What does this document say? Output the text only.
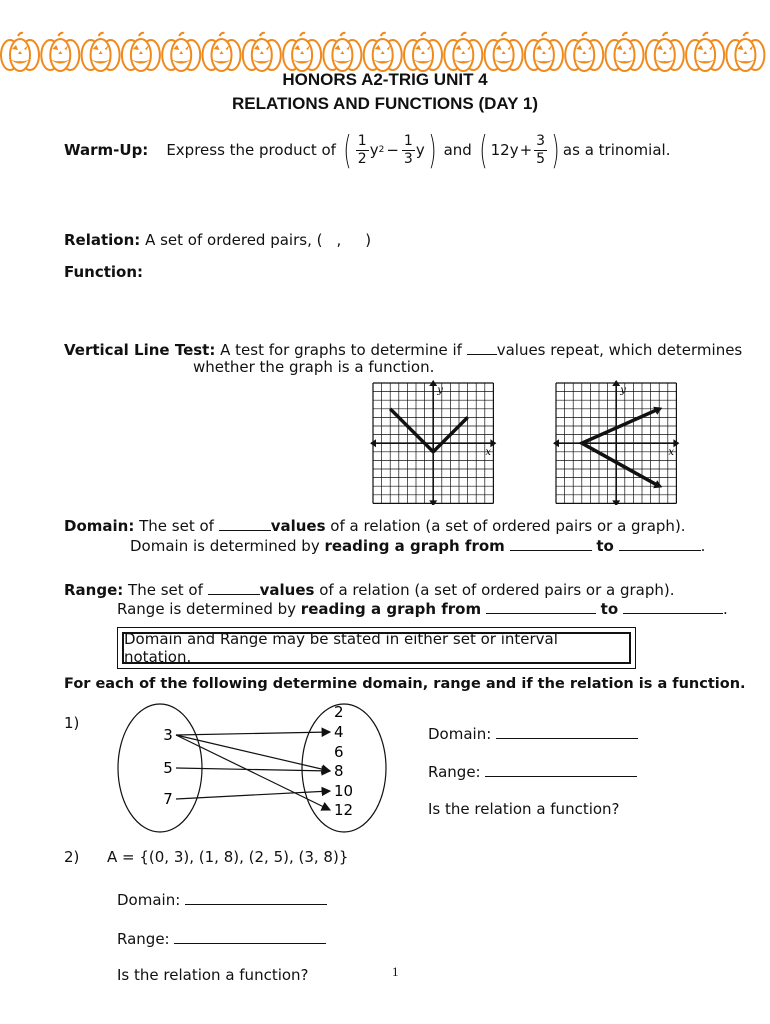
HONORS A2-TRIG UNIT 4
RELATIONS AND FUNCTIONS (DAY 1)
Warm-Up: Express the product of ( $\frac{1}{2}$ y $2 - \frac{1}{3}$ y ) and ( $12y + \frac{3}{5}$ ) as a trinomial.
Relation: A set of ordered pairs, ( , )
Function:
Vertical Line Test: A test for graphs to determine if values repeat, which determines
whether the graph is a function.
y
x
y
x
Domain: The set of	values of a relation (a set of ordered pairs or a graph).
Domain is determined by reading a graph from	to	.
Range: The set of	values of a relation (a set of ordered pairs or a graph).
Range is determined by reading a graph from	to	.
Domain and Range may be stated in either set or interval notation.
For each of the following determine domain, range and if the relation is a function.
1)
3
5
7
2
4
6
8
10
12
Domain:
Range:
Is the relation a function?
2) A = {(0, 3), (1, 8), (2, 5), (3, 8)}
Domain:
Range:
Is the relation a function?	1
